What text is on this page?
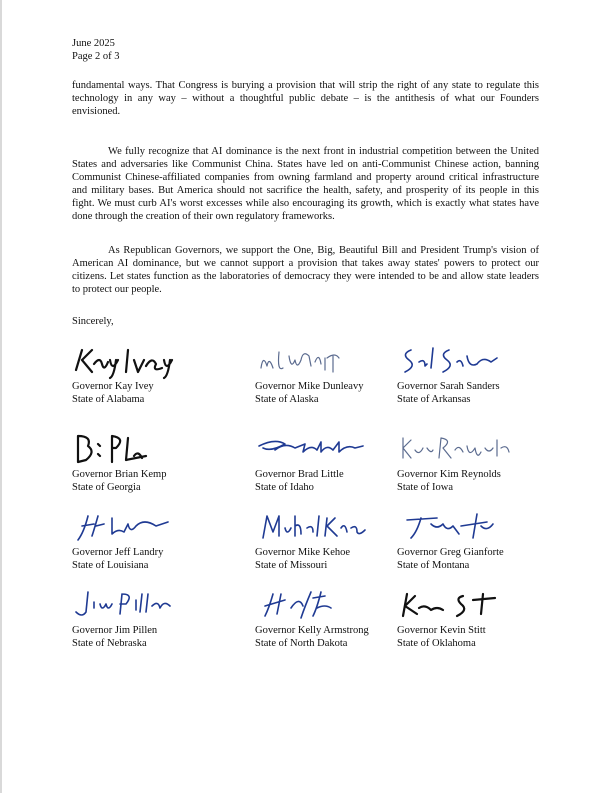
June 2025
Page 2 of 3

fundamental ways. That Congress is burying a provision that will strip the right of any state to regulate this technology in any way – without a thoughtful public debate – is the antithesis of what our Founders envisioned.

We fully recognize that AI dominance is the next front in industrial competition between the United States and adversaries like Communist China. States have led on anti-Communist Chinese action, banning Communist Chinese-affiliated companies from owning farmland and property around critical infrastructure and military bases. But America should not sacrifice the health, safety, and prosperity of its people in this fight. We must curb AI's worst excesses while also encouraging its growth, which is exactly what states have done through the creation of their own regulatory frameworks.

As Republican Governors, we support the One, Big, Beautiful Bill and President Trump's vision of American AI dominance, but we cannot support a provision that takes away states' powers to protect our citizens. Let states function as the laboratories of democracy they were intended to be and allow state leaders to protect our people.

Sincerely,
Governor Kay Ivey
State of Alabama
Governor Mike Dunleavy
State of Alaska
Governor Sarah Sanders
State of Arkansas
Governor Brian Kemp
State of Georgia
Governor Brad Little
State of Idaho
Governor Kim Reynolds
State of Iowa
Governor Jeff Landry
State of Louisiana
Governor Mike Kehoe
State of Missouri
Governor Greg Gianforte
State of Montana
Governor Jim Pillen
State of Nebraska
Governor Kelly Armstrong
State of North Dakota
Governor Kevin Stitt
State of Oklahoma
